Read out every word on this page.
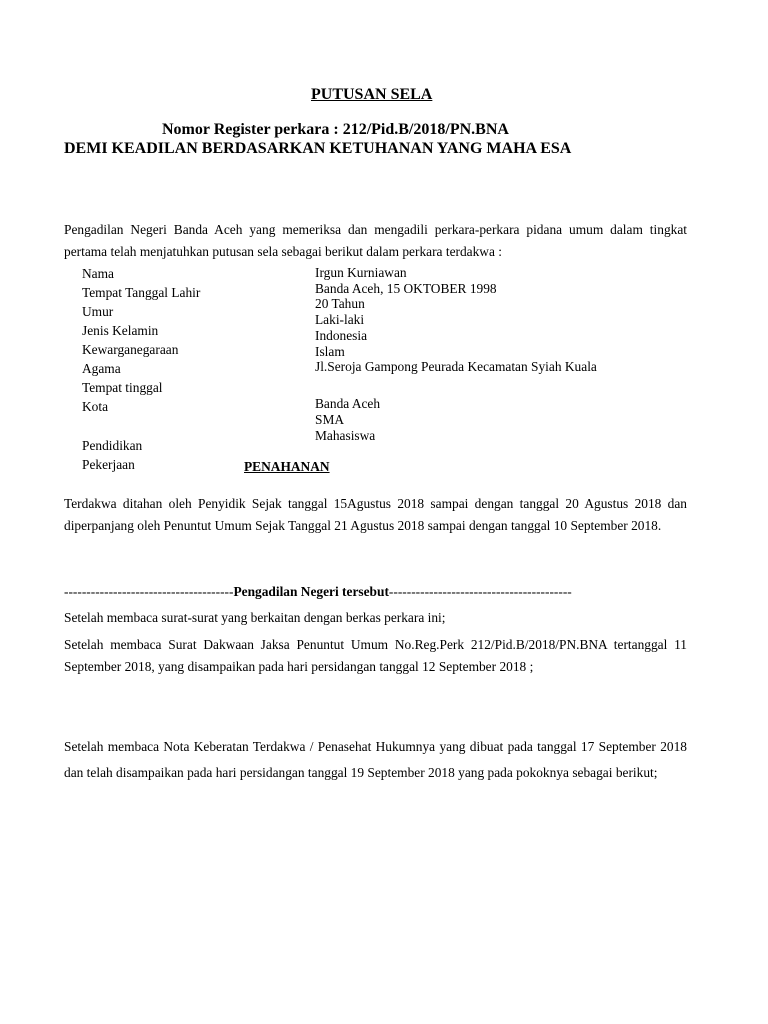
PUTUSAN SELA
Nomor Register perkara : 212/Pid.B/2018/PN.BNA
DEMI KEADILAN BERDASARKAN KETUHANAN YANG MAHA ESA
Pengadilan Negeri Banda Aceh yang memeriksa dan mengadili perkara-perkara pidana umum dalam tingkat pertama telah menjatuhkan putusan sela sebagai berikut dalam perkara terdakwa :
Nama
Tempat Tanggal Lahir
Umur
Jenis Kelamin
Kewarganegaraan
Agama
Tempat tinggal
Kota
Pendidikan
Pekerjaan
Irgun Kurniawan
Banda Aceh, 15 OKTOBER 1998
20 Tahun
Laki-laki
Indonesia
Islam
Jl.Seroja Gampong Peurada Kecamatan Syiah Kuala
Banda Aceh
SMA
Mahasiswa
PENAHANAN
Terdakwa ditahan oleh Penyidik Sejak tanggal 15Agustus 2018 sampai dengan tanggal 20 Agustus 2018 dan diperpanjang oleh Penuntut Umum Sejak Tanggal 21 Agustus 2018 sampai dengan tanggal 10 September 2018.
--------------------------------------Pengadilan Negeri tersebut-----------------------------------------
Setelah membaca surat-surat yang berkaitan dengan berkas perkara ini;
Setelah membaca Surat Dakwaan Jaksa Penuntut Umum No.Reg.Perk 212/Pid.B/2018/PN.BNA tertanggal 11 September 2018, yang disampaikan pada hari persidangan tanggal 12 September 2018 ;
Setelah membaca Nota Keberatan Terdakwa / Penasehat Hukumnya yang dibuat pada tanggal 17 September 2018 dan telah disampaikan pada hari persidangan tanggal 19 September 2018 yang pada pokoknya sebagai berikut;
